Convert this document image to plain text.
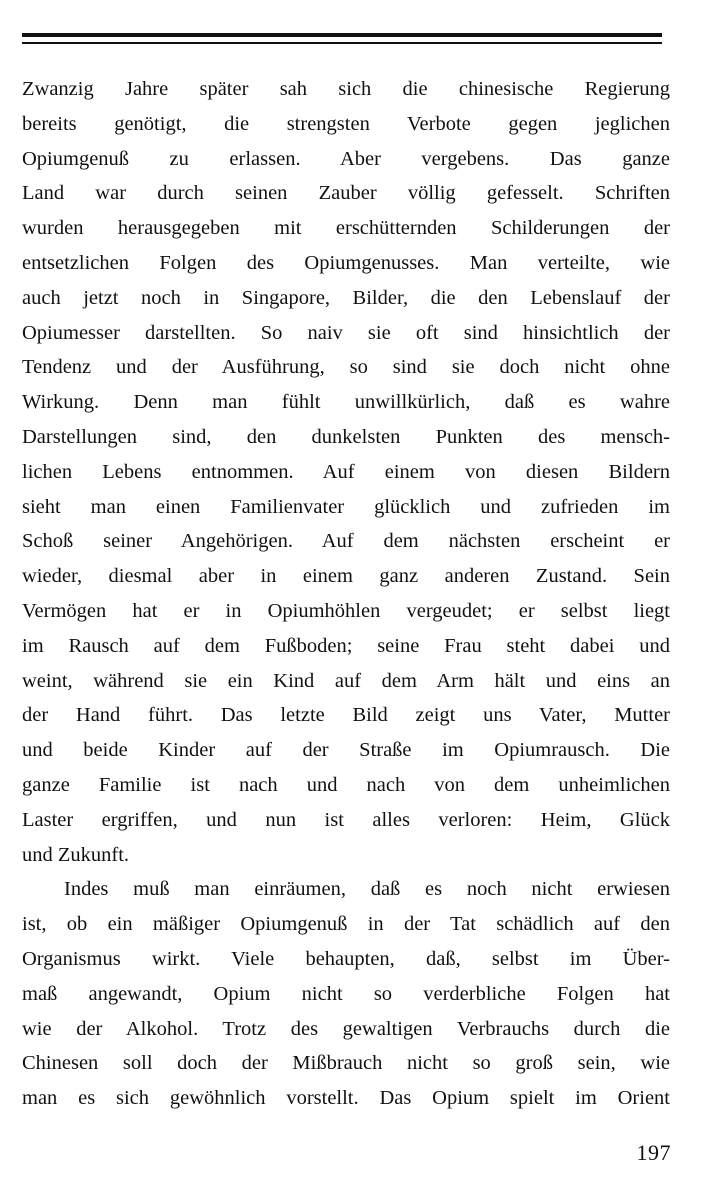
Zwanzig Jahre später sah sich die chinesische Regierung
bereits genötigt, die strengsten Verbote gegen jeglichen
Opiumgenuß zu erlassen. Aber vergebens. Das ganze
Land war durch seinen Zauber völlig gefesselt. Schriften
wurden herausgegeben mit erschütternden Schilderungen der
entsetzlichen Folgen des Opiumgenusses. Man verteilte, wie
auch jetzt noch in Singapore, Bilder, die den Lebenslauf der
Opiumesser darstellten. So naiv sie oft sind hinsichtlich der
Tendenz und der Ausführung, so sind sie doch nicht ohne
Wirkung. Denn man fühlt unwillkürlich, daß es wahre
Darstellungen sind, den dunkelsten Punkten des mensch-
lichen Lebens entnommen. Auf einem von diesen Bildern
sieht man einen Familienvater glücklich und zufrieden im
Schoß seiner Angehörigen. Auf dem nächsten erscheint er
wieder, diesmal aber in einem ganz anderen Zustand. Sein
Vermögen hat er in Opiumhöhlen vergeudet; er selbst liegt
im Rausch auf dem Fußboden; seine Frau steht dabei und
weint, während sie ein Kind auf dem Arm hält und eins an
der Hand führt. Das letzte Bild zeigt uns Vater, Mutter
und beide Kinder auf der Straße im Opiumrausch. Die
ganze Familie ist nach und nach von dem unheimlichen
Laster ergriffen, und nun ist alles verloren: Heim, Glück
und Zukunft.
Indes muß man einräumen, daß es noch nicht erwiesen
ist, ob ein mäßiger Opiumgenuß in der Tat schädlich auf den
Organismus wirkt. Viele behaupten, daß, selbst im Über-
maß angewandt, Opium nicht so verderbliche Folgen hat
wie der Alkohol. Trotz des gewaltigen Verbrauchs durch die
Chinesen soll doch der Mißbrauch nicht so groß sein, wie
man es sich gewöhnlich vorstellt. Das Opium spielt im Orient
197
